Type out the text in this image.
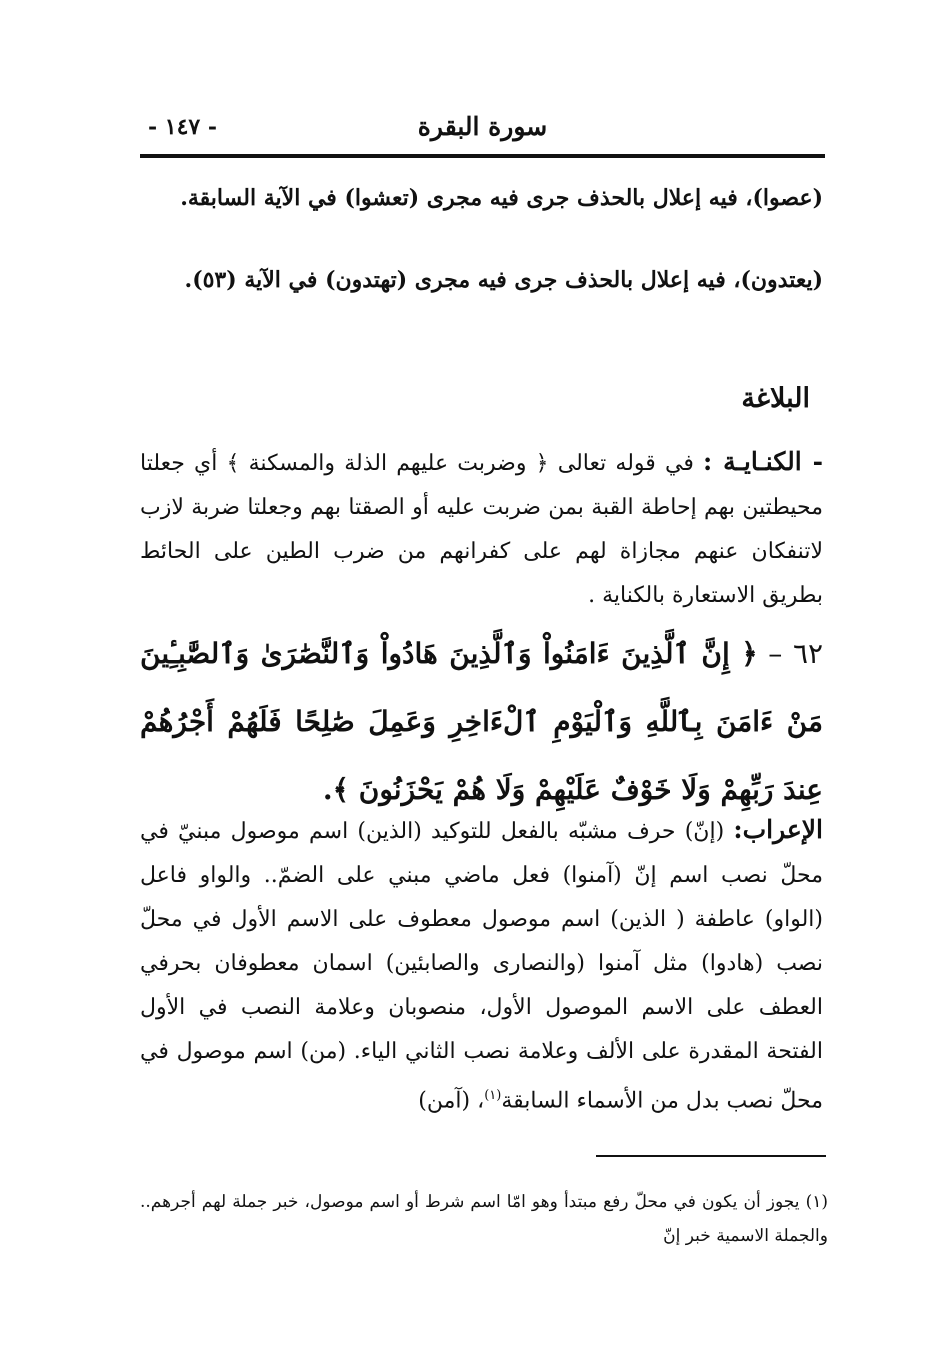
سورة البقرة
- ١٤٧ -
(عصوا)، فيه إعلال بالحذف جرى فيه مجرى (تعشوا) في الآية السابقة.
(يعتدون)، فيه إعلال بالحذف جرى فيه مجرى (تهتدون) في الآية (٥٣).
البلاغة
- الكنـايـة : في قوله تعالى ﴿ وضربت عليهم الذلة والمسكنة ﴾ أي جعلتا محيطتين بهم إحاطة القبة بمن ضربت عليه أو الصقتا بهم وجعلتا ضربة لازب لاتنفكان عنهم مجازاة لهم على كفرانهم من ضرب الطين على الحائط بطريق الاستعارة بالكناية .
٦٢ – ﴿ إِنَّ ٱلَّذِينَ ءَامَنُواْ وَٱلَّذِينَ هَادُواْ وَٱلنَّصَٰرَىٰ وَٱلصَّٰبِـِٔينَ مَنْ ءَامَنَ بِٱللَّهِ وَٱلْيَوْمِ ٱلْءَاخِرِ وَعَمِلَ صَٰلِحًا فَلَهُمْ أَجْرُهُمْ عِندَ رَبِّهِمْ وَلَا خَوْفٌ عَلَيْهِمْ وَلَا هُمْ يَحْزَنُونَ ﴾.
الإعراب: (إنّ) حرف مشبّه بالفعل للتوكيد (الذين) اسم موصول مبنيّ في محلّ نصب اسم إنّ (آمنوا) فعل ماضي مبني على الضمّ.. والواو فاعل (الواو) عاطفة ( الذين) اسم موصول معطوف على الاسم الأول في محلّ نصب (هادوا) مثل آمنوا (والنصارى والصابئين) اسمان معطوفان بحرفي العطف على الاسم الموصول الأول، منصوبان وعلامة النصب في الأول الفتحة المقدرة على الألف وعلامة نصب الثاني الياء. (من) اسم موصول في محلّ نصب بدل من الأسماء السابقة$^{(١)}$، (آمن)
(١) يجوز أن يكون في محلّ رفع مبتدأ وهو امّا اسم شرط أو اسم موصول، خبر جملة لهم أجرهم.. والجملة الاسمية خبر إنّ
